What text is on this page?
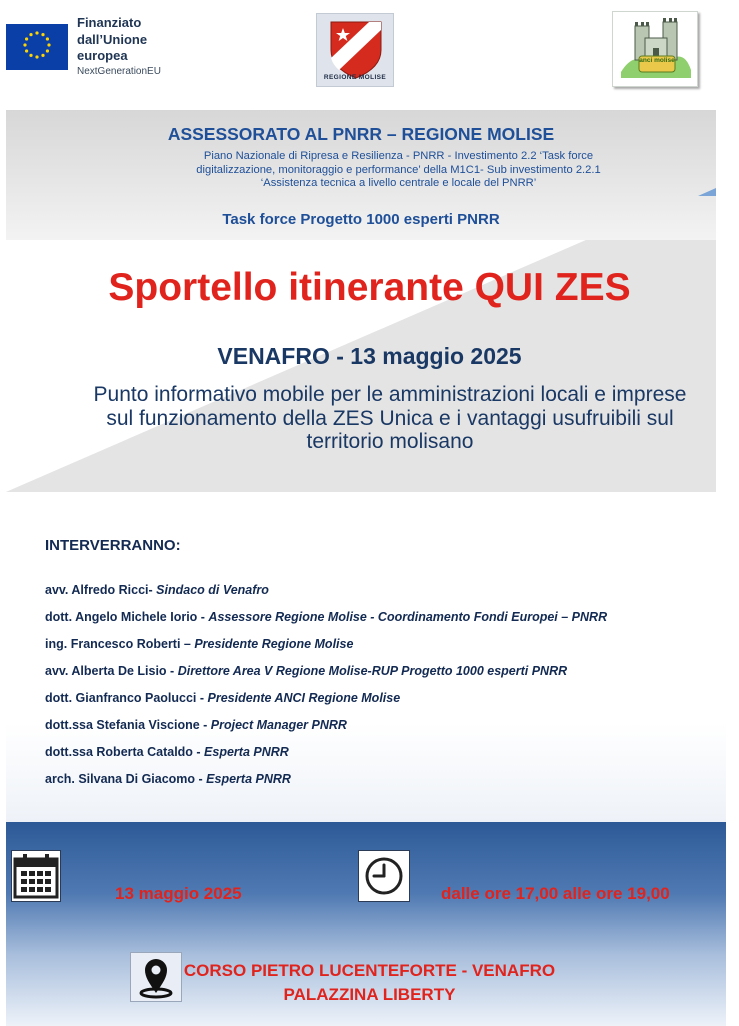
Finanziato
dall’Unione europea
NextGenerationEU
REGIONE MOLISE
anci molise
ASSESSORATO AL PNRR – REGIONE MOLISE
Piano Nazionale di Ripresa e Resilienza - PNRR - Investimento 2.2 ‘Task force digitalizzazione, monitoraggio e performance’ della M1C1- Sub investimento 2.2.1 ‘Assistenza tecnica a livello centrale e locale del PNRR’
Task force Progetto 1000 esperti PNRR
Sportello itinerante QUI ZES
VENAFRO - 13 maggio 2025
Punto informativo mobile per le amministrazioni locali e imprese sul funzionamento della ZES Unica e i vantaggi usufruibili sul territorio molisano
INTERVERRANNO:
avv. Alfredo Ricci- Sindaco di Venafro
dott. Angelo Michele Iorio - Assessore Regione Molise - Coordinamento Fondi Europei – PNRR
ing. Francesco Roberti – Presidente Regione Molise
avv. Alberta De Lisio - Direttore Area V Regione Molise-RUP Progetto 1000 esperti PNRR
dott. Gianfranco Paolucci - Presidente ANCI Regione Molise
dott.ssa Stefania Viscione - Project Manager PNRR
dott.ssa Roberta Cataldo - Esperta PNRR
arch. Silvana Di Giacomo - Esperta PNRR
13 maggio 2025	dalle ore 17,00 alle ore 19,00
CORSO PIETRO LUCENTEFORTE - VENAFRO
PALAZZINA LIBERTY
